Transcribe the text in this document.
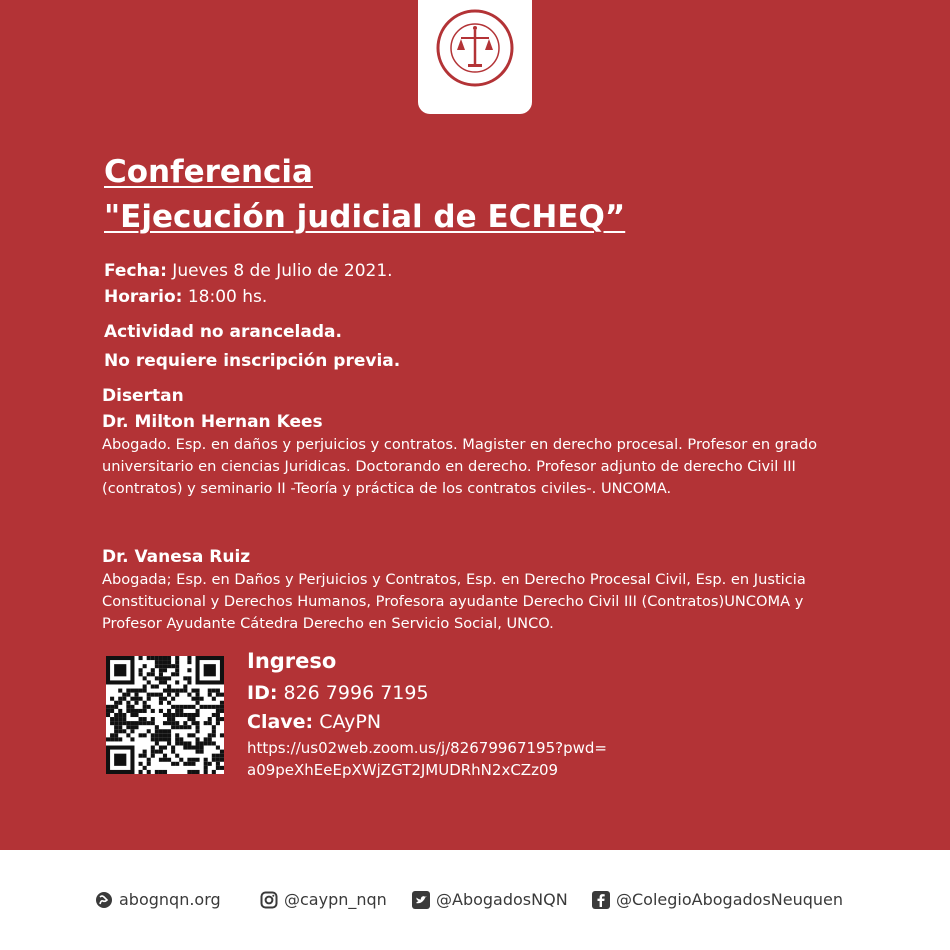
Conferencia
"Ejecución judicial de ECHEQ”
Fecha: Jueves 8 de Julio de 2021.
Horario: 18:00 hs.
Actividad no arancelada.
No requiere inscripción previa.
Disertan
Dr. Milton Hernan Kees
Abogado. Esp. en daños y perjuicios y contratos. Magister en derecho procesal. Profesor en grado universitario en ciencias Juridicas. Doctorando en derecho. Profesor adjunto de derecho Civil III (contratos) y seminario II -Teoría y práctica de los contratos civiles-. UNCOMA.
Dr. Vanesa Ruiz
Abogada; Esp. en Daños y Perjuicios y Contratos, Esp. en Derecho Procesal Civil, Esp. en Justicia Constitucional y Derechos Humanos, Profesora ayudante Derecho Civil III (Contratos)UNCOMA y Profesor Ayudante Cátedra Derecho en Servicio Social, UNCO.
Ingreso
ID: 826 7996 7195
Clave: CAyPN
https://us02web.zoom.us/j/82679967195?pwd=
a09peXhEeEpXWjZGT2JMUDRhN2xCZz09
abognqn.org	@caypn_nqn	@AbogadosNQN	@ColegioAbogadosNeuquen
